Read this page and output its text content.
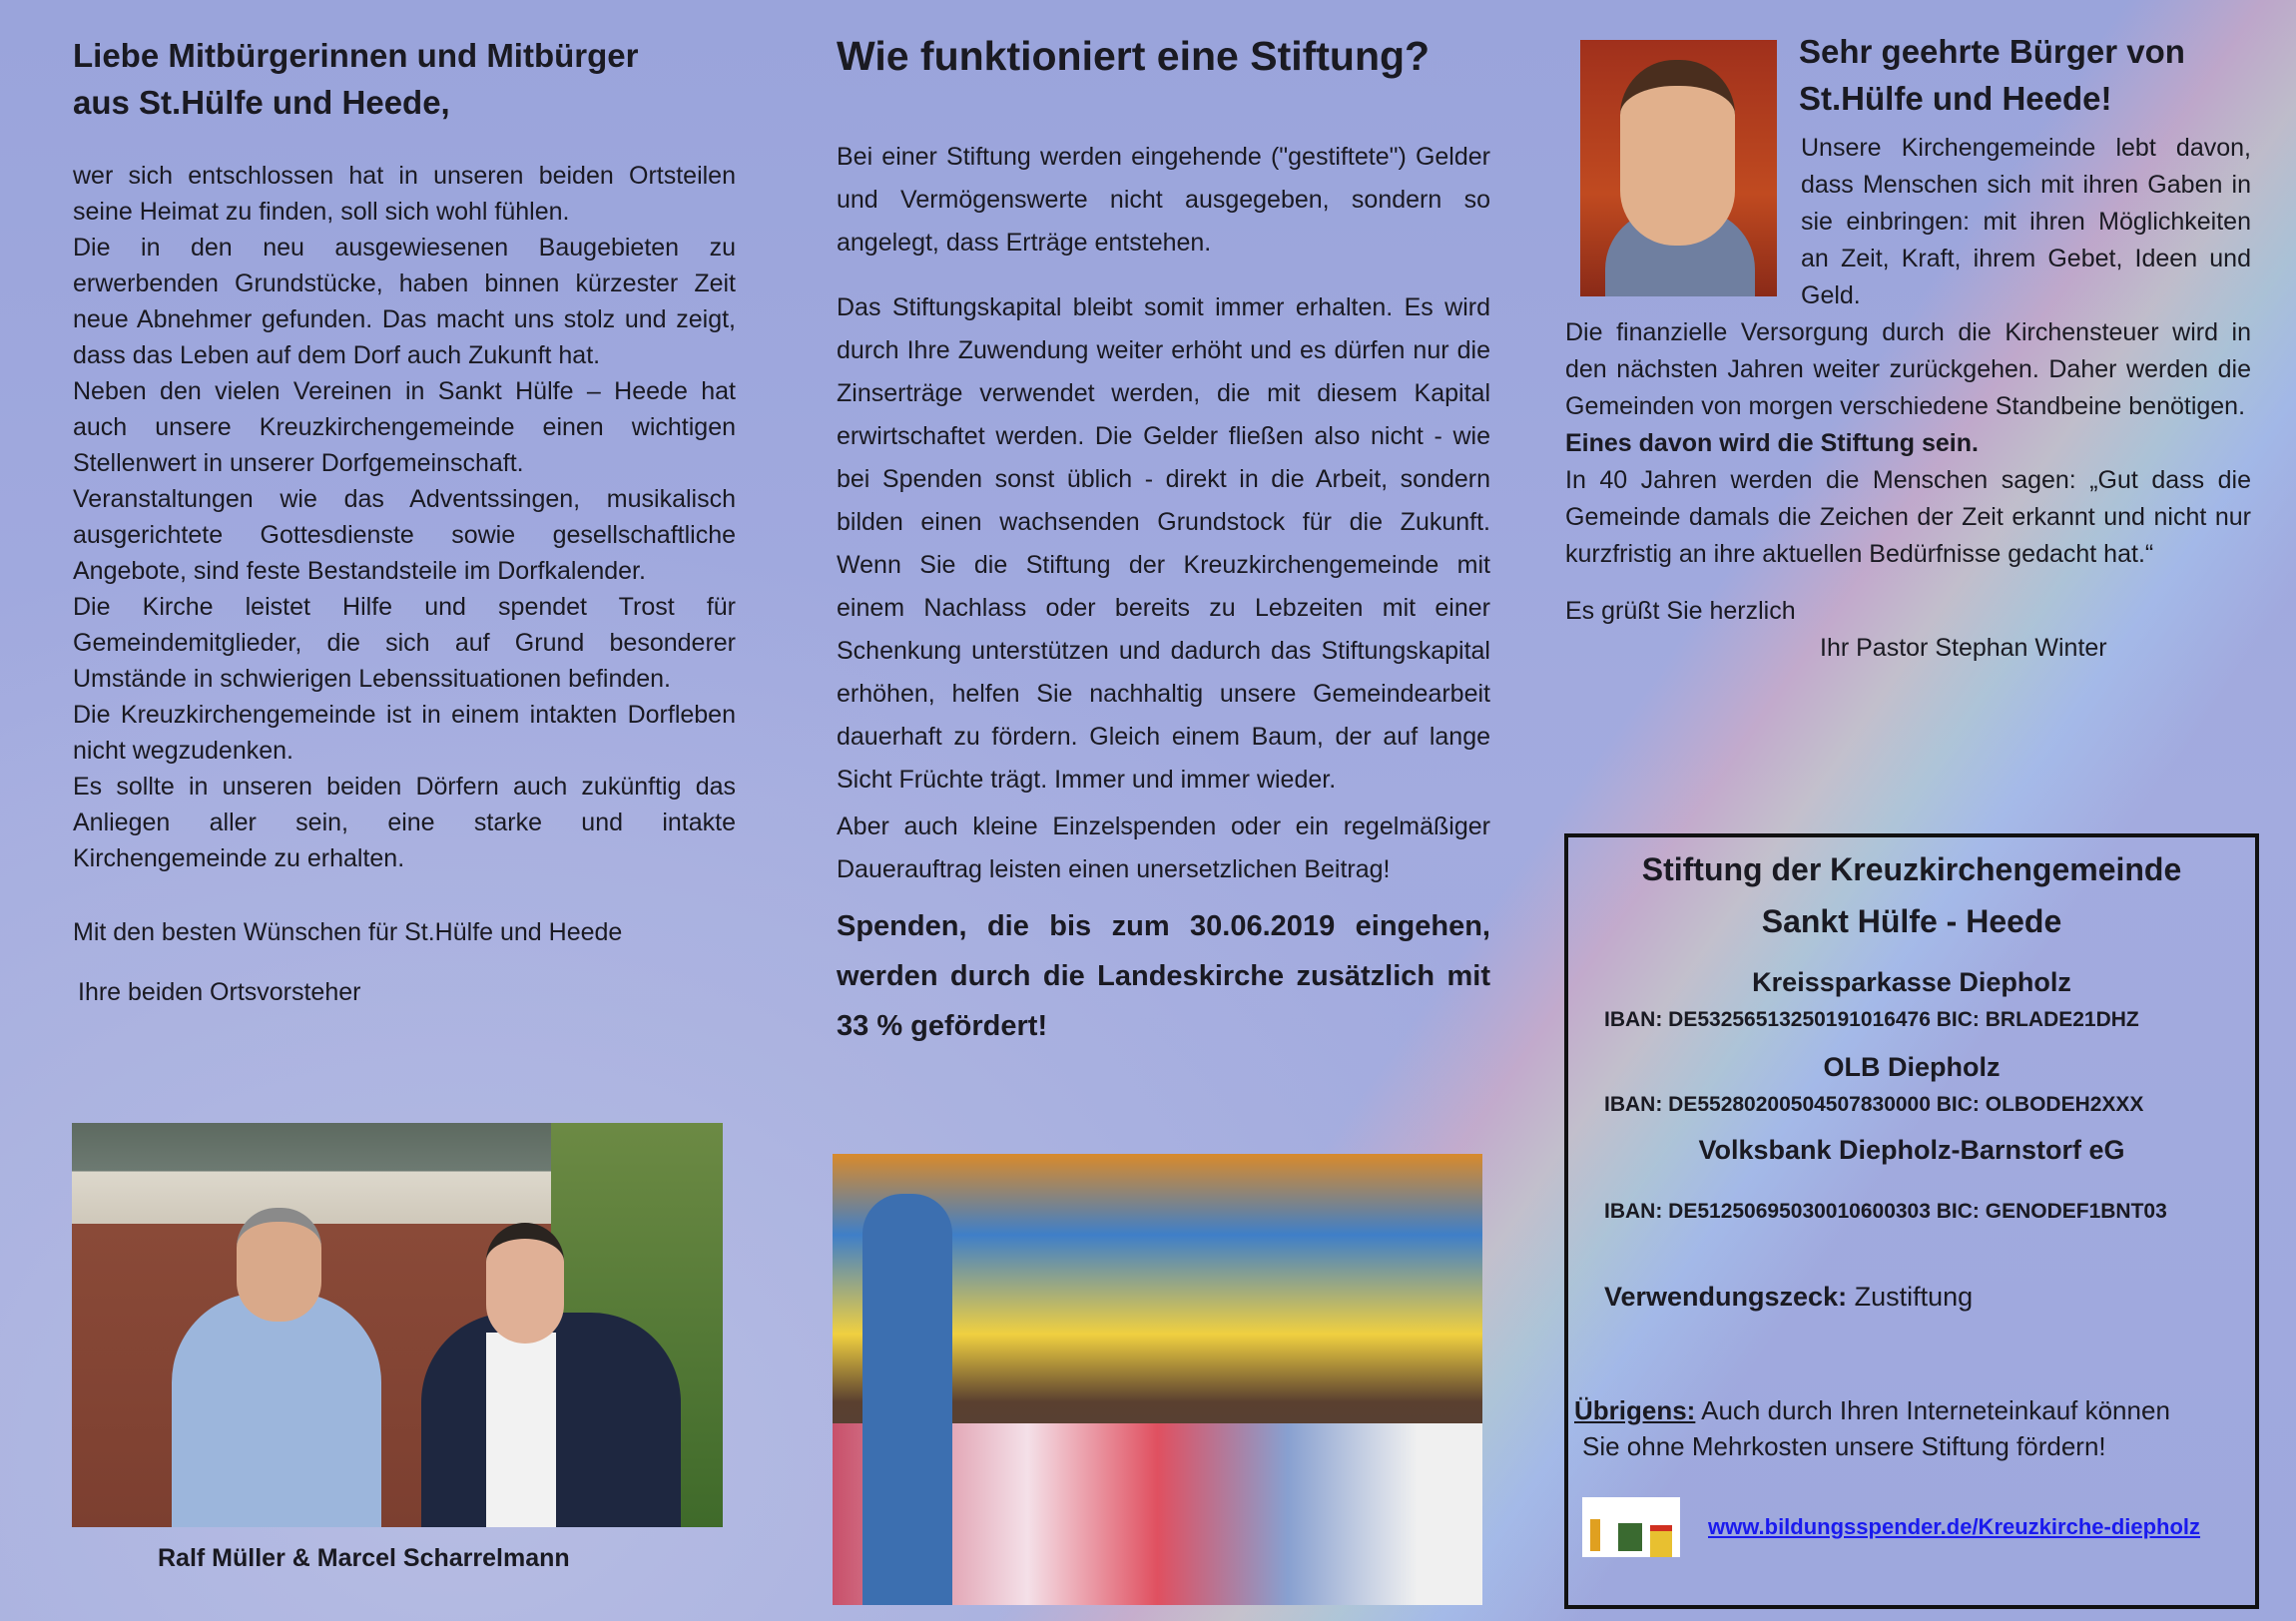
Liebe Mitbürgerinnen und Mitbürger
aus St.Hülfe und Heede,

wer sich entschlossen hat in unseren beiden Ortsteilen seine Heimat zu finden, soll sich wohl fühlen.

Die in den neu ausgewiesenen Baugebieten zu erwerbenden Grundstücke, haben binnen kürzester Zeit neue Abnehmer gefunden. Das macht uns stolz und zeigt, dass das Leben auf dem Dorf auch Zukunft hat.

Neben den vielen Vereinen in Sankt Hülfe – Heede hat auch unsere Kreuzkirchengemeinde einen wichtigen Stellenwert in unserer Dorfgemeinschaft.

Veranstaltungen wie das Adventssingen, musikalisch ausgerichtete Gottesdienste sowie gesellschaftliche Angebote, sind feste Bestandsteile im Dorfkalender.

Die Kirche leistet Hilfe und spendet Trost für Gemeindemitglieder, die sich auf Grund besonderer Umstände in schwierigen Lebenssituationen befinden.

Die Kreuzkirchengemeinde ist in einem intakten Dorfleben nicht wegzudenken.

Es sollte in unseren beiden Dörfern auch zukünftig das Anliegen aller sein, eine starke und intakte Kirchengemeinde zu erhalten.

Mit den besten Wünschen für St.Hülfe und Heede

Ihre beiden Ortsvorsteher

Ralf Müller & Marcel Scharrelmann
Wie funktioniert eine Stiftung?

Bei einer Stiftung werden eingehende ("gestiftete") Gelder und Vermögenswerte nicht ausgegeben, sondern so angelegt, dass Erträge entstehen.

Das Stiftungskapital bleibt somit immer erhalten. Es wird durch Ihre Zuwendung weiter erhöht und es dürfen nur die Zinserträge verwendet werden, die mit diesem Kapital erwirtschaftet werden. Die Gelder fließen also nicht - wie bei Spenden sonst üblich - direkt in die Arbeit, sondern bilden einen wachsenden Grundstock für die Zukunft. Wenn Sie die Stiftung der Kreuzkirchengemeinde mit einem Nachlass oder bereits zu Lebzeiten mit einer Schenkung unterstützen und dadurch das Stiftungskapital erhöhen, helfen Sie nachhaltig unsere Gemeindearbeit dauerhaft zu fördern. Gleich einem Baum, der auf lange Sicht Früchte trägt. Immer und immer wieder.

Aber auch kleine Einzelspenden oder ein regelmäßiger Dauerauftrag leisten einen unersetzlichen Beitrag!

Spenden, die bis zum 30.06.2019 eingehen, werden durch die Landeskirche zusätzlich mit 33 % gefördert!

Sehr geehrte Bürger von
St.Hülfe und Heede!

Unsere Kirchengemeinde lebt davon, dass Menschen sich mit ihren Gaben in sie einbringen: mit ihren Möglichkeiten an Zeit, Kraft, ihrem Gebet, Ideen und Geld.

Die finanzielle Versorgung durch die Kirchensteuer wird in den nächsten Jahren weiter zurückgehen. Daher werden die Gemeinden von morgen verschiedene Standbeine benötigen.

Eines davon wird die Stiftung sein.

In 40 Jahren werden die Menschen sagen: „Gut dass die Gemeinde damals die Zeichen der Zeit erkannt und nicht nur kurzfristig an ihre aktuellen Bedürfnisse gedacht hat.“

Es grüßt Sie herzlich

Ihr Pastor Stephan Winter

Stiftung der Kreuzkirchengemeinde
Sankt Hülfe - Heede
Kreissparkasse Diepholz
IBAN: DE53256513250191016476 BIC: BRLADE21DHZ
OLB Diepholz
IBAN: DE55280200504507830000 BIC: OLBODEH2XXX
Volksbank Diepholz-Barnstorf eG
IBAN: DE51250695030010600303 BIC: GENODEF1BNT03
Verwendungszeck: Zustiftung
Übrigens: Auch durch Ihren Interneteinkauf können
Sie ohne Mehrkosten unsere Stiftung fördern!
www.bildungsspender.de/Kreuzkirche-diepholz
